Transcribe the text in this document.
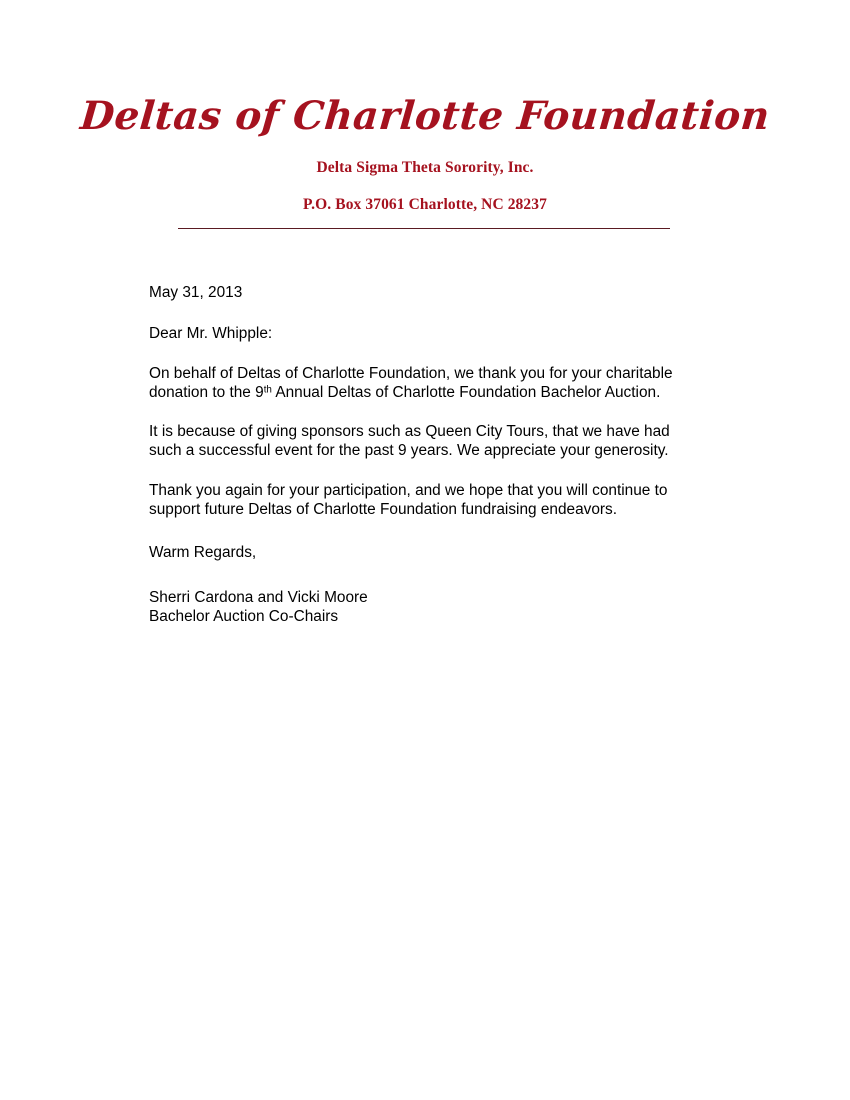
Deltas of Charlotte Foundation
Delta Sigma Theta Sorority, Inc.
P.O. Box 37061 Charlotte, NC 28237

May 31, 2013

Dear Mr. Whipple:

On behalf of Deltas of Charlotte Foundation, we thank you for your charitable donation to the 9th Annual Deltas of Charlotte Foundation Bachelor Auction.

It is because of giving sponsors such as Queen City Tours, that we have had such a successful event for the past 9 years. We appreciate your generosity.

Thank you again for your participation, and we hope that you will continue to support future Deltas of Charlotte Foundation fundraising endeavors.

Warm Regards,

Sherri Cardona and Vicki Moore
Bachelor Auction Co-Chairs
